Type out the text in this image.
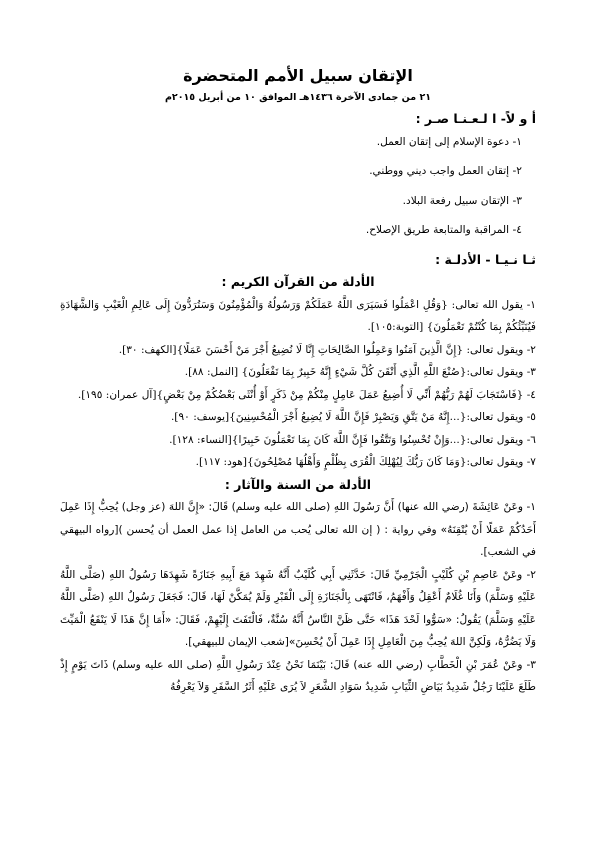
الإتقان سبيل الأمم المتحضرة
٢١ من جمادى الآخرة ١٤٣٦هـ الموافق ١٠ من أبريل ٢٠١٥م

أ و لاً- ا لـعـنـا صـر :

١- دعوة الإسلام إلى إتقان العمل.
٢- إتقان العمل واجب ديني ووطني.
٣- الإتقان سبيل رفعة البلاد.
٤- المراقبة والمتابعة طريق الإصلاح.

ثـا نـيـا - الأدلـة :

الأدلة من القرآن الكريم :

١- يقول الله تعالى: {وَقُلِ اعْمَلُوا فَسَيَرَى اللَّهُ عَمَلَكُمْ وَرَسُولُهُ وَالْمُؤْمِنُونَ وَسَتُرَدُّونَ إِلَى عَالِمِ الْغَيْبِ وَالشَّهَادَةِ فَيُنَبِّئُكُمْ بِمَا كُنْتُمْ تَعْمَلُونَ} [التوبة:١٠٥].

٢- ويقول تعالى: {إِنَّ الَّذِينَ آمَنُوا وَعَمِلُوا الصَّالِحَاتِ إِنَّا لَا نُضِيعُ أَجْرَ مَنْ أَحْسَنَ عَمَلًا}[الكهف: ٣٠].

٣- ويقول تعالى:{صُنْعَ اللَّهِ الَّذِي أَتْقَنَ كُلَّ شَيْءٍ إِنَّهُ خَبِيرٌ بِمَا تَفْعَلُونَ} [النمل: ٨٨].

٤- {فَاسْتَجَابَ لَهُمْ رَبُّهُمْ أَنِّي لَا أُضِيعُ عَمَلَ عَامِلٍ مِنْكُمْ مِنْ ذَكَرٍ أَوْ أُنْثَى بَعْضُكُمْ مِنْ بَعْضٍ}[آل عمران: ١٩٥].

٥- ويقول تعالى:{...إِنَّهُ مَنْ يَتَّقِ وَيَصْبِرْ فَإِنَّ اللَّهَ لَا يُضِيعُ أَجْرَ الْمُحْسِنِينَ}[يوسف: ٩٠].

٦- ويقول تعالى:{...وَإِنْ تُحْسِنُوا وَتَتَّقُوا فَإِنَّ اللَّهَ كَانَ بِمَا تَعْمَلُونَ خَبِيرًا}[النساء: ١٢٨].

٧- ويقول تعالى:{وَمَا كَانَ رَبُّكَ لِيُهْلِكَ الْقُرَى بِظُلْمٍ وَأَهْلُهَا مُصْلِحُونَ}[هود: ١١٧].

الأدلة من السنة والآثار :

١- وعَنْ عَائِشَةَ (رضي الله عنها) أَنَّ رَسُولَ اللهِ (صلى الله عليه وسلم) قَالَ: «إِنَّ اللهَ (عز وجل) يُحِبُّ إِذَا عَمِلَ أَحَدُكُمْ عَمَلًا أَنْ يُتْقِنَهُ» وفي رواية : ( إن الله تعالى يُحب من العامل إذا عمل العمل أن يُحسن )[رواه البيهقي في الشعب].

٢- وعَنْ عَاصِمِ بْنِ كُلَيْبٍ الْجَرْمِيِّ قَالَ: حَدَّثَنِي أَبِي كُلَيْبٌ أَنَّهُ شَهِدَ مَعَ أَبِيهِ جَنَازَةً شَهِدَهَا رَسُولُ اللهِ (صَلَّى اللَّهُ عَلَيْهِ وَسَلَّمَ) وَأَنَا غُلَامٌ أَعْقِلُ وَأَفْهَمُ، فَانْتَهَى بِالْجَنَازَةِ إِلَى الْقَبْرِ وَلَمْ يُمَكَّنْ لَهَا، قَالَ: فَجَعَلَ رَسُولُ اللهِ (صَلَّى اللَّهُ عَلَيْهِ وَسَلَّمَ) يَقُولُ: «سَوُّوا لَحْدَ هَذَا» حَتَّى ظَنَّ النَّاسُ أَنَّهُ سُنَّةٌ، فَالْتَفَتَ إِلَيْهِمْ، فَقَالَ: «أَمَا إِنَّ هَذَا لَا يَنْفَعُ الْمَيِّتَ وَلَا يَضُرُّهُ، وَلَكِنَّ اللهَ يُحِبُّ مِنَ الْعَامِلِ إِذَا عَمِلَ أَنْ يُحْسِنَ»[شعب الإيمان للبيهقي].

٣- وعَنْ عُمَرَ بْنِ الْخَطَّابِ (رضي الله عنه) قَالَ: بَيْنَمَا نَحْنُ عِنْدَ رَسُولِ اللَّهِ (صلى الله عليه وسلم) ذَاتَ يَوْمٍ إِذْ طَلَعَ عَلَيْنَا رَجُلٌ شَدِيدُ بَيَاضِ الثِّيَابِ شَدِيدُ سَوَادِ الشَّعَرِ لاَ يُرَى عَلَيْهِ أَثَرُ السَّفَرِ وَلاَ يَعْرِفُهُ
